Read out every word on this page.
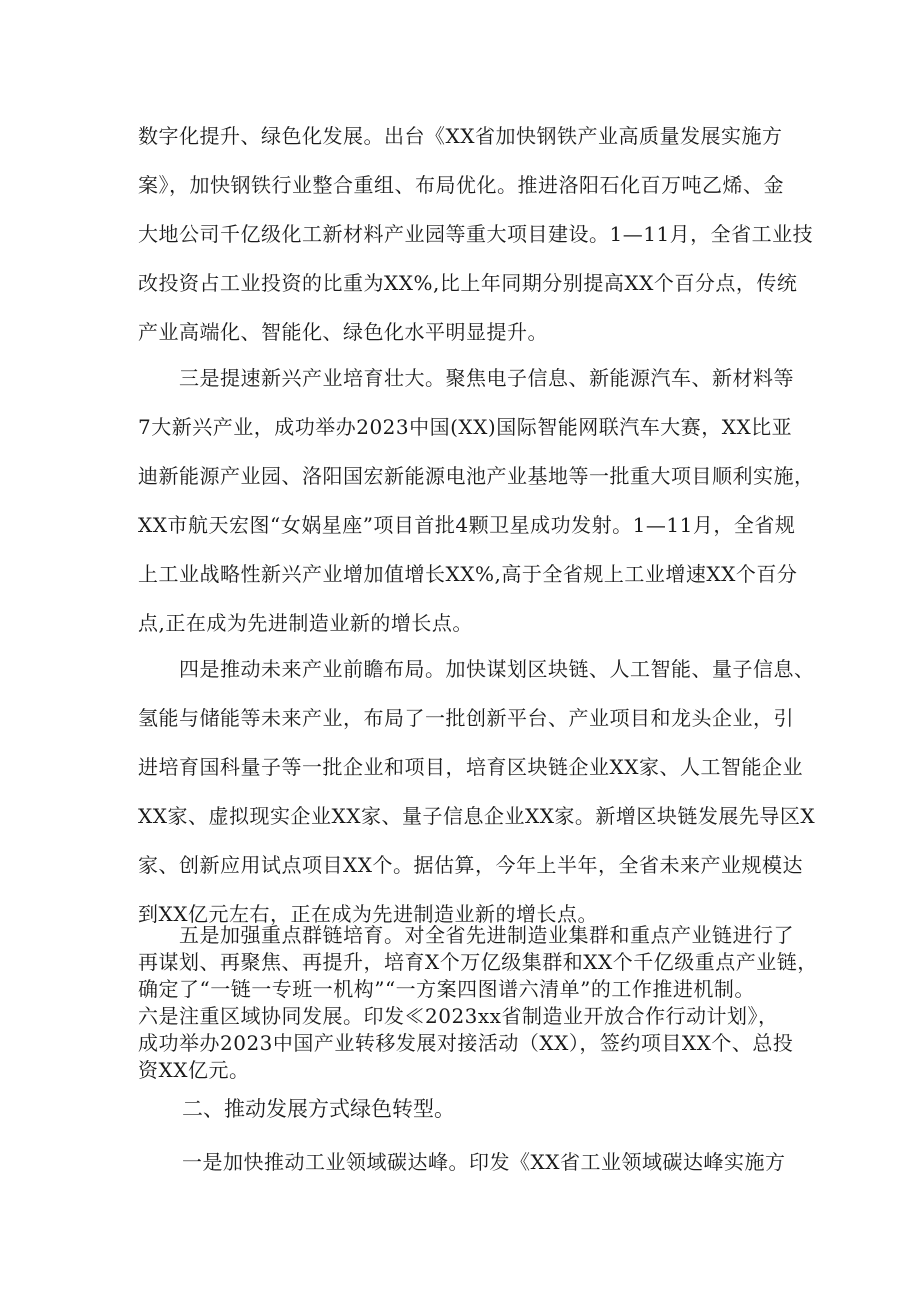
数字化提升、绿色化发展。出台《XX省加快钢铁产业高质量发展实施方
案》，加快钢铁行业整合重组、布局优化。推进洛阳石化百万吨乙烯、金
大地公司千亿级化工新材料产业园等重大项目建设。1—11月，全省工业技
改投资占工业投资的比重为XX%,比上年同期分别提高XX个百分点，传统
产业高端化、智能化、绿色化水平明显提升。
　　三是提速新兴产业培育壮大。聚焦电子信息、新能源汽车、新材料等
7大新兴产业，成功举办2023中国(XX)国际智能网联汽车大赛，XX比亚
迪新能源产业园、洛阳国宏新能源电池产业基地等一批重大项目顺利实施，
XX市航天宏图“女娲星座”项目首批4颗卫星成功发射。1—11月，全省规
上工业战略性新兴产业增加值增长XX%,高于全省规上工业增速XX个百分
点,正在成为先进制造业新的增长点。
　　四是推动未来产业前瞻布局。加快谋划区块链、人工智能、量子信息、
氢能与储能等未来产业，布局了一批创新平台、产业项目和龙头企业，引
进培育国科量子等一批企业和项目，培育区块链企业XX家、人工智能企业
XX家、虚拟现实企业XX家、量子信息企业XX家。新增区块链发展先导区X
家、创新应用试点项目XX个。据估算，今年上半年，全省未来产业规模达
到XX亿元左右，正在成为先进制造业新的增长点。
　　五是加强重点群链培育。对全省先进制造业集群和重点产业链进行了
再谋划、再聚焦、再提升，培育X个万亿级集群和XX个千亿级重点产业链，
确定了“一链一专班一机构”“一方案四图谱六清单”的工作推进机制。
六是注重区域协同发展。印发≪2023xx省制造业开放合作行动计划》，
成功举办2023中国产业转移发展对接活动（XX），签约项目XX个、总投
资XX亿元。
二、推动发展方式绿色转型。

一是加快推动工业领域碳达峰。印发《XX省工业领域碳达峰实施方
